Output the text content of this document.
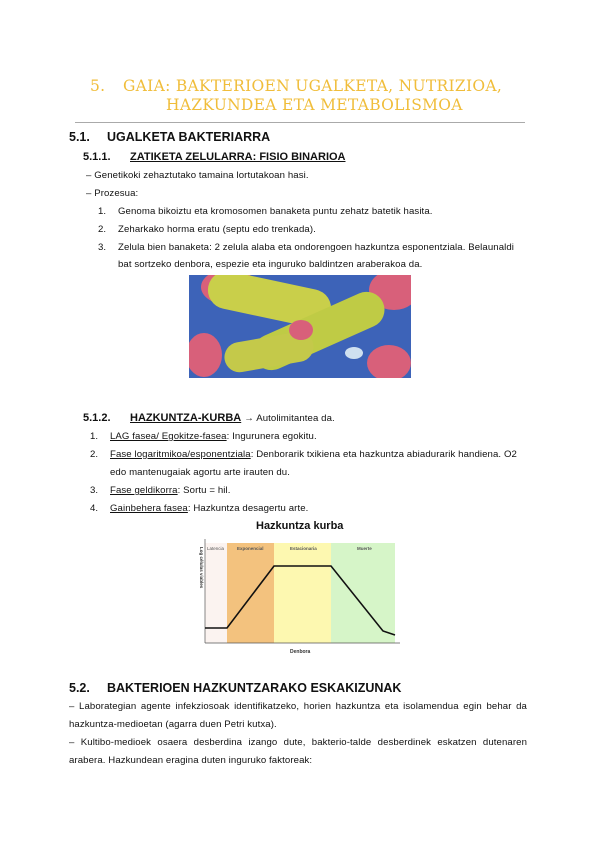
5. GAIA: BAKTERIOEN UGALKETA, NUTRIZIOA,
HAZKUNDEA ETA METABOLISMOA
5.1. UGALKETA BAKTERIARRA
5.1.1. ZATIKETA ZELULARRA: FISIO BINARIOA
– Genetikoki zehaztutako tamaina lortutakoan hasi.
– Prozesua:
1. Genoma bikoiztu eta kromosomen banaketa puntu zehatz batetik hasita.
2. Zeharkako horma eratu (septu edo trenkada).
3. Zelula bien banaketa: 2 zelula alaba eta ondorengoen hazkuntza esponentziala. Belaunaldi
bat sortzeko denbora, espezie eta inguruko baldintzen araberakoa da.
5.1.2. HAZKUNTZA-KURBA → Autolimitantea da.
1. LAG fasea/ Egokitze-fasea: Ingurunera egokitu.
2. Fase logaritmikoa/esponentziala: Denborarik txikiena eta hazkuntza abiadurarik handiena. O2
edo mantenugaiak agortu arte irauten du.
3. Fase geldikorra: Sortu = hil.
4. Gainbehera fasea: Hazkuntza desagertu arte.
Hazkuntza kurba
Latencia	Exponencial	Estacionaria	Muerte
Log células viables
Denbora
5.2. BAKTERIOEN HAZKUNTZARAKO ESKAKIZUNAK
– Laborategian agente infekziosoak identifikatzeko, horien hazkuntza eta isolamendua egin behar da
hazkuntza-medioetan (agarra duen Petri kutxa).
– Kultibo-medioek osaera desberdina izango dute, bakterio-talde desberdinek eskatzen dutenaren
arabera. Hazkundean eragina duten inguruko faktoreak:
